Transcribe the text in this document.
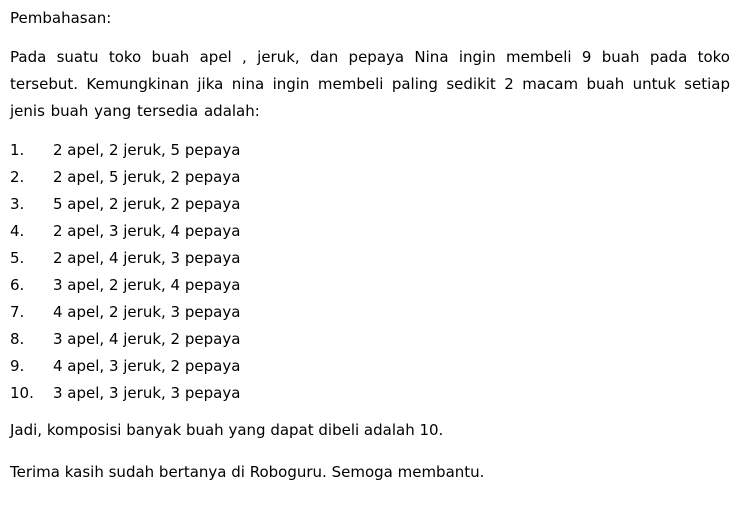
Pembahasan:

Pada suatu toko buah apel , jeruk, dan pepaya Nina ingin membeli 9 buah pada toko tersebut. Kemungkinan jika nina ingin membeli paling sedikit 2 macam buah untuk setiap jenis buah yang tersedia adalah:

1.	2 apel, 2 jeruk, 5 pepaya
2.	2 apel, 5 jeruk, 2 pepaya
3.	5 apel, 2 jeruk, 2 pepaya
4.	2 apel, 3 jeruk, 4 pepaya
5.	2 apel, 4 jeruk, 3 pepaya
6.	3 apel, 2 jeruk, 4 pepaya
7.	4 apel, 2 jeruk, 3 pepaya
8.	3 apel, 4 jeruk, 2 pepaya
9.	4 apel, 3 jeruk, 2 pepaya
10.	3 apel, 3 jeruk, 3 pepaya

Jadi, komposisi banyak buah yang dapat dibeli adalah 10.

Terima kasih sudah bertanya di Roboguru. Semoga membantu.
